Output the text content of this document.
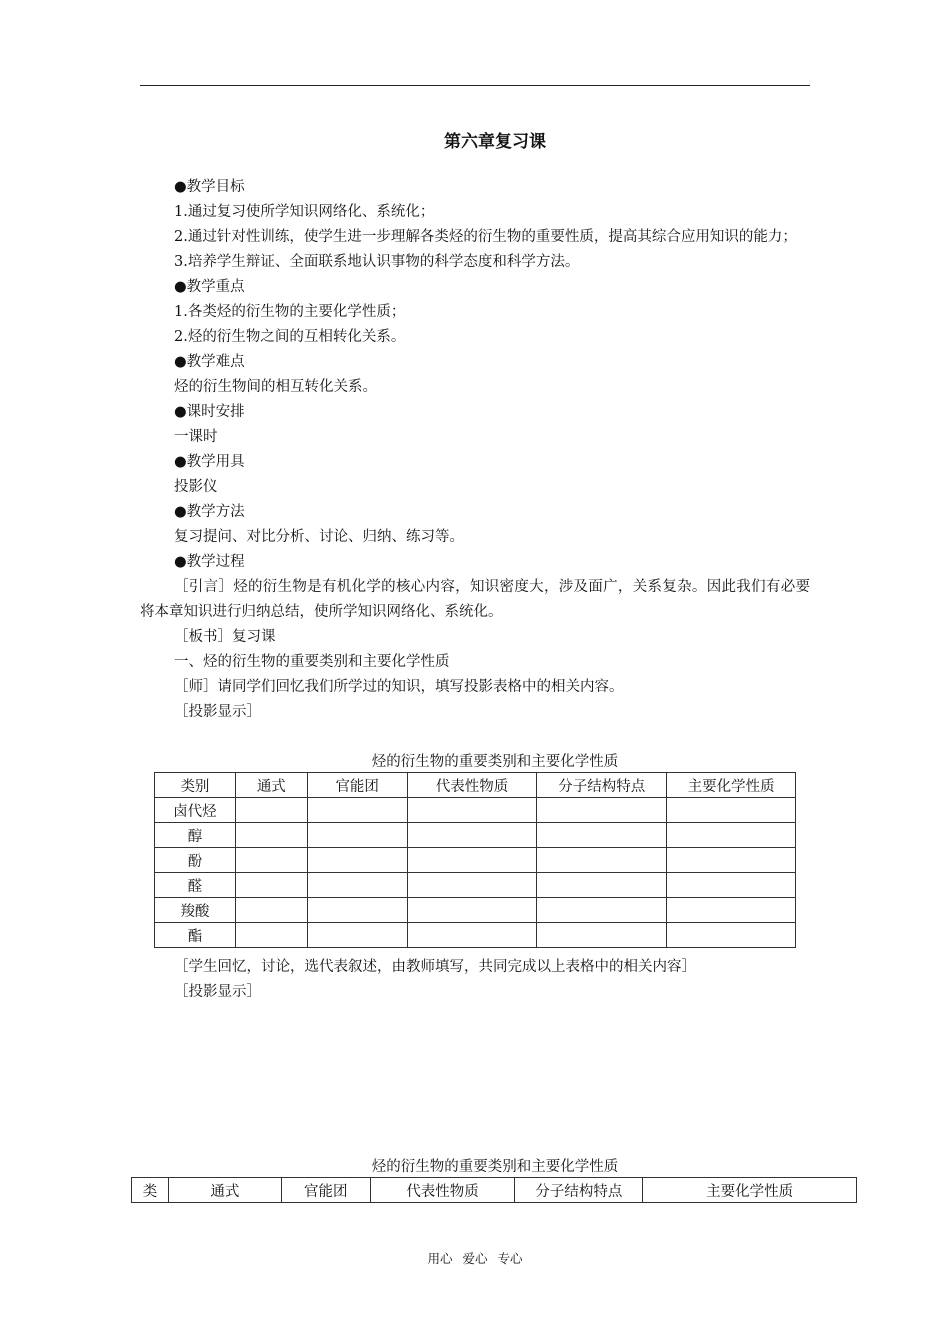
第六章复习课
●教学目标
1.通过复习使所学知识网络化、系统化；
2.通过针对性训练，使学生进一步理解各类烃的衍生物的重要性质，提高其综合应用知识的能力；
3.培养学生辩证、全面联系地认识事物的科学态度和科学方法。
●教学重点
1.各类烃的衍生物的主要化学性质；
2.烃的衍生物之间的互相转化关系。
●教学难点
烃的衍生物间的相互转化关系。
●课时安排
一课时
●教学用具
投影仪
●教学方法
复习提问、对比分析、讨论、归纳、练习等。
●教学过程
［引言］烃的衍生物是有机化学的核心内容，知识密度大，涉及面广，关系复杂。因此我们有必要将本章知识进行归纳总结，使所学知识网络化、系统化。
［板书］复习课
一、烃的衍生物的重要类别和主要化学性质
［师］请同学们回忆我们所学过的知识，填写投影表格中的相关内容。
［投影显示］
烃的衍生物的重要类别和主要化学性质
类别	通式	官能团	代表性物质	分子结构特点	主要化学性质
卤代烃					
醇					
酚					
醛					
羧酸					
酯					
［学生回忆，讨论，选代表叙述，由教师填写，共同完成以上表格中的相关内容］
［投影显示］
烃的衍生物的重要类别和主要化学性质
类	通式	官能团	代表性物质	分子结构特点	主要化学性质
用心 爱心 专心
